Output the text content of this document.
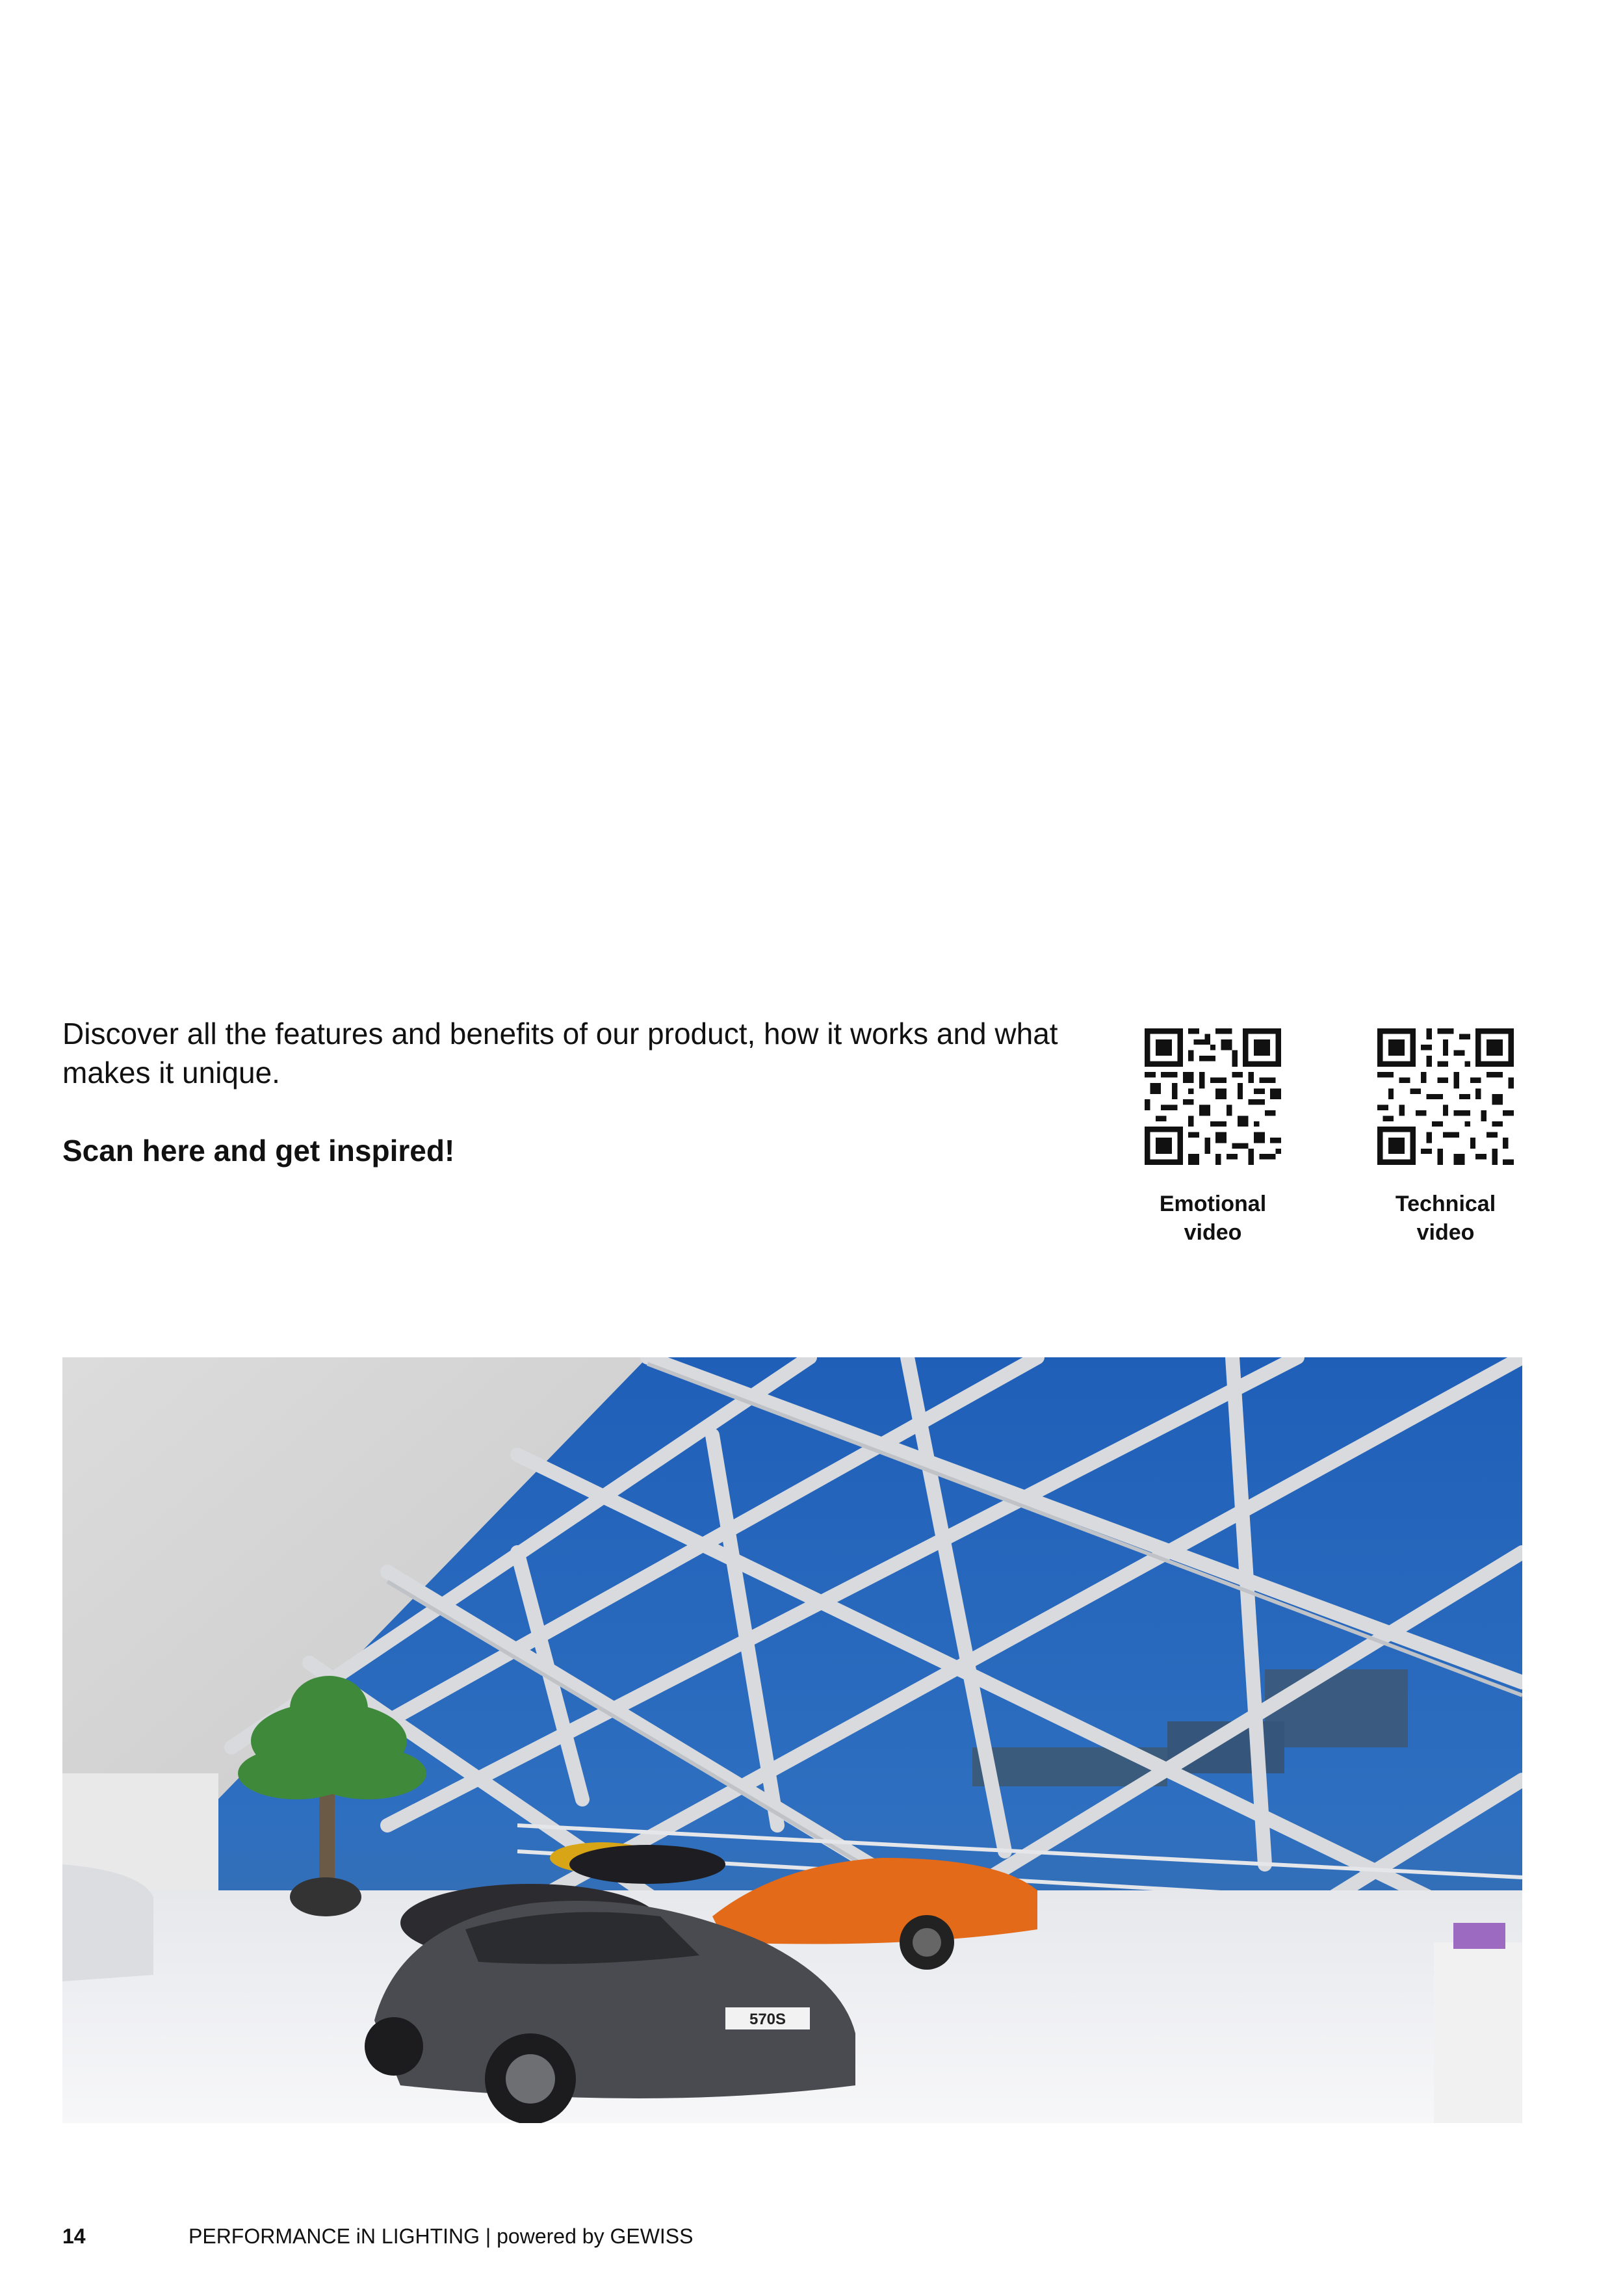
Discover all the features and benefits of our product, how it works and what makes it unique.

Scan here and get inspired!

Emotional
video
Technical
video
570S
14	PERFORMANCE iN LIGHTING | powered by GEWISS
